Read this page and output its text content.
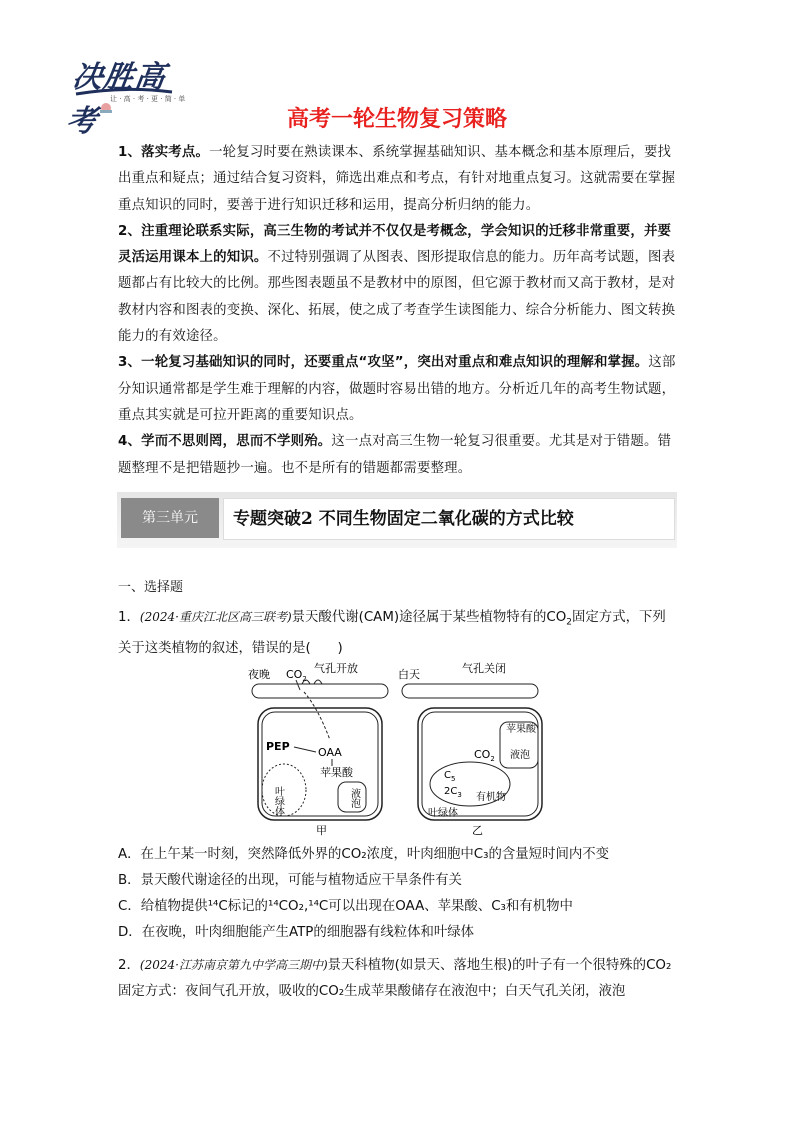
决胜高考
让 · 高 · 考 · 更 · 简 · 单
高考一轮生物复习策略

1、落实考点。一轮复习时要在熟读课本、系统掌握基础知识、基本概念和基本原理后，要找出重点和疑点；通过结合复习资料，筛选出难点和考点，有针对地重点复习。这就需要在掌握重点知识的同时，要善于进行知识迁移和运用，提高分析归纳的能力。

2、注重理论联系实际，高三生物的考试并不仅仅是考概念，学会知识的迁移非常重要，并要灵活运用课本上的知识。不过特别强调了从图表、图形提取信息的能力。历年高考试题，图表题都占有比较大的比例。那些图表题虽不是教材中的原图，但它源于教材而又高于教材，是对教材内容和图表的变换、深化、拓展，使之成了考查学生读图能力、综合分析能力、图文转换能力的有效途径。

3、一轮复习基础知识的同时，还要重点“攻坚”，突出对重点和难点知识的理解和掌握。这部分知识通常都是学生难于理解的内容，做题时容易出错的地方。分析近几年的高考生物试题，重点其实就是可拉开距离的重要知识点。

4、学而不思则罔，思而不学则殆。这一点对高三生物一轮复习很重要。尤其是对于错题。错题整理不是把错题抄一遍。也不是所有的错题都需要整理。

第三单元	专题突破2 不同生物固定二氧化碳的方式比较
一、选择题

1．(2024·重庆江北区高三联考)景天酸代谢(CAM)途径属于某些植物特有的$CO_2$固定方式，下列关于这类植物的叙述，错误的是(　　)

夜晚 $CO_2$
气孔开放
PEP	OAA
苹果酸
叶绿体	液泡
甲
白天	气孔关闭
苹果酸
液泡
$CO_2$
$C_5$
$2C_3$ 有机物
叶绿体
乙

A．在上午某一时刻，突然降低外界的CO₂浓度，叶肉细胞中C₃的含量短时间内不变

B．景天酸代谢途径的出现，可能与植物适应干旱条件有关

C．给植物提供¹⁴C标记的¹⁴CO₂,¹⁴C可以出现在OAA、苹果酸、C₃和有机物中

D．在夜晚，叶肉细胞能产生ATP的细胞器有线粒体和叶绿体

2．(2024·江苏南京第九中学高三期中)景天科植物(如景天、落地生根)的叶子有一个很特殊的CO₂固定方式：夜间气孔开放，吸收的CO₂生成苹果酸储存在液泡中；白天气孔关闭，液泡
